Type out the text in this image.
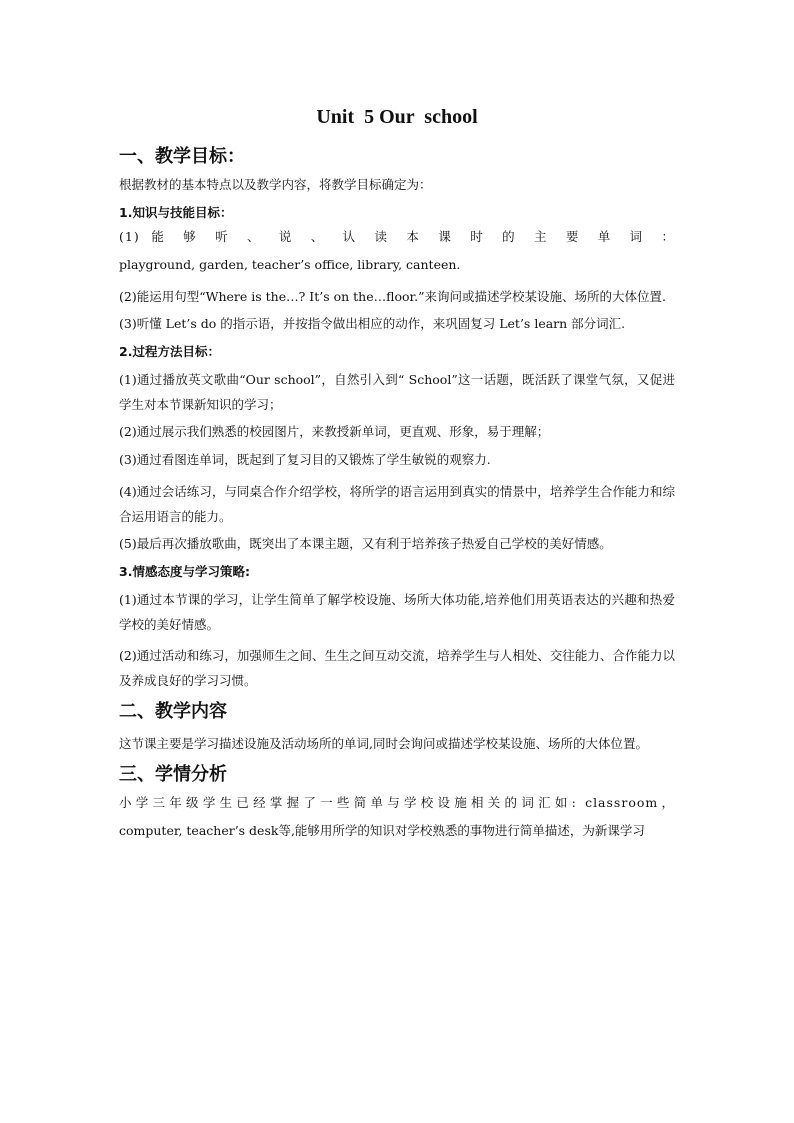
Unit  5 Our  school
一、教学目标：
根据教材的基本特点以及教学内容，将教学目标确定为：
1.知识与技能目标：
(1) 能 够 听 、 说 、 认 读 本 课 时 的 主 要 单 词 ：
playground, garden, teacher’s office, library, canteen.
(2)能运用句型“Where is the…? It’s on the…floor.”来询问或描述学校某设施、场所的大体位置.
(3)听懂 Let’s do 的指示语，并按指令做出相应的动作，来巩固复习 Let’s learn 部分词汇.
2.过程方法目标：
(1)通过播放英文歌曲“Our school”，自然引入到“ School”这一话题，既活跃了课堂气氛，又促进学生对本节课新知识的学习；
(2)通过展示我们熟悉的校园图片，来教授新单词，更直观、形象，易于理解；
(3)通过看图连单词，既起到了复习目的又锻炼了学生敏锐的观察力.
(4)通过会话练习，与同桌合作介绍学校，将所学的语言运用到真实的情景中，培养学生合作能力和综合运用语言的能力。
(5)最后再次播放歌曲，既突出了本课主题，又有利于培养孩子热爱自己学校的美好情感。
3.情感态度与学习策略:
(1)通过本节课的学习，让学生简单了解学校设施、场所大体功能,培养他们用英语表达的兴趣和热爱学校的美好情感。
(2)通过活动和练习，加强师生之间、生生之间互动交流，培养学生与人相处、交往能力、合作能力以及养成良好的学习习惯。
二、教学内容
这节课主要是学习描述设施及活动场所的单词,同时会询问或描述学校某设施、场所的大体位置。
三、学情分析
小学三年级学生已经掌握了一些简单与学校设施相关的词汇如: classroom，
computer, teacher’s desk等,能够用所学的知识对学校熟悉的事物进行简单描述，为新课学习
